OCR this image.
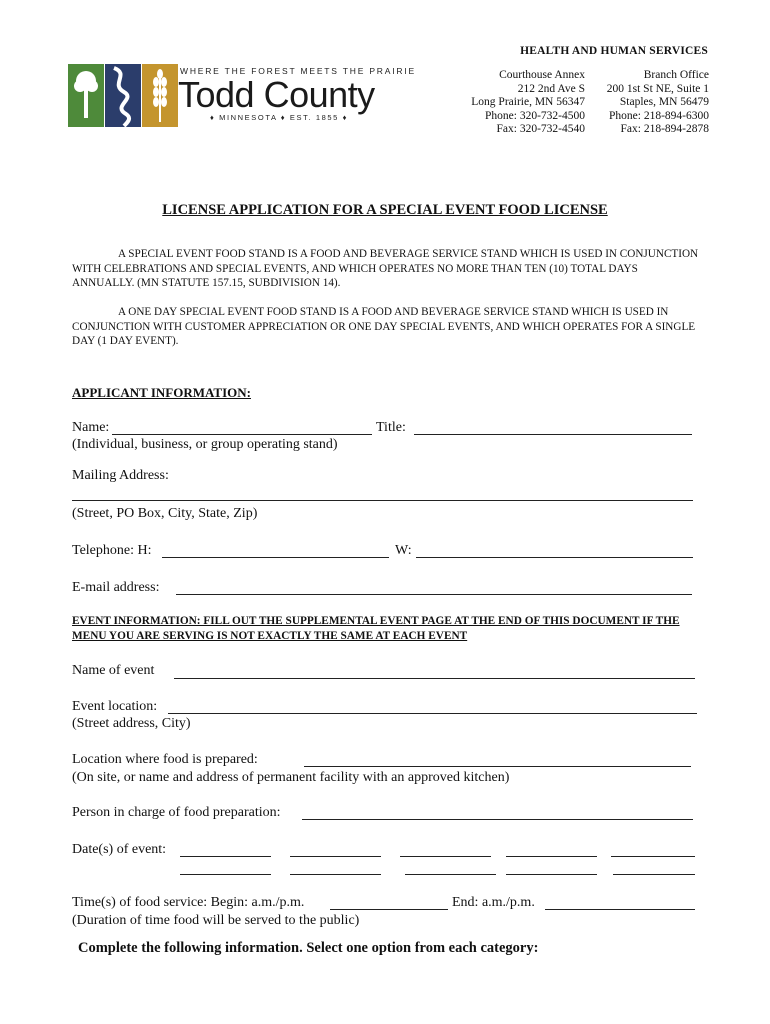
HEALTH AND HUMAN SERVICES
Courthouse Annex
212 2nd Ave S
Long Prairie, MN 56347
Phone: 320-732-4500
Fax: 320-732-4540
Branch Office
200 1st St NE, Suite 1
Staples, MN 56479
Phone: 218-894-6300
Fax: 218-894-2878
WHERE THE FOREST MEETS THE PRAIRIE
Todd County
♦ MINNESOTA ♦ EST. 1855 ♦
LICENSE APPLICATION FOR A SPECIAL EVENT FOOD LICENSE
A SPECIAL EVENT FOOD STAND IS A FOOD AND BEVERAGE SERVICE STAND WHICH IS USED IN CONJUNCTION WITH CELEBRATIONS AND SPECIAL EVENTS, AND WHICH OPERATES NO MORE THAN TEN (10) TOTAL DAYS ANNUALLY. (MN STATUTE 157.15, SUBDIVISION 14).
A ONE DAY SPECIAL EVENT FOOD STAND IS A FOOD AND BEVERAGE SERVICE STAND WHICH IS USED IN CONJUNCTION WITH CUSTOMER APPRECIATION OR ONE DAY SPECIAL EVENTS, AND WHICH OPERATES FOR A SINGLE DAY (1 DAY EVENT).
APPLICANT INFORMATION:
Name:	Title:
(Individual, business, or group operating stand)
Mailing Address:
(Street, PO Box, City, State, Zip)
Telephone: H:	W:
E-mail address:
EVENT INFORMATION: FILL OUT THE SUPPLEMENTAL EVENT PAGE AT THE END OF THIS DOCUMENT IF THE MENU YOU ARE SERVING IS NOT EXACTLY THE SAME AT EACH EVENT
Name of event
Event location:
(Street address, City)
Location where food is prepared:
(On site, or name and address of permanent facility with an approved kitchen)
Person in charge of food preparation:
Date(s) of event:
Time(s) of food service: Begin: a.m./p.m.	End: a.m./p.m.
(Duration of time food will be served to the public)
Complete the following information. Select one option from each category:
